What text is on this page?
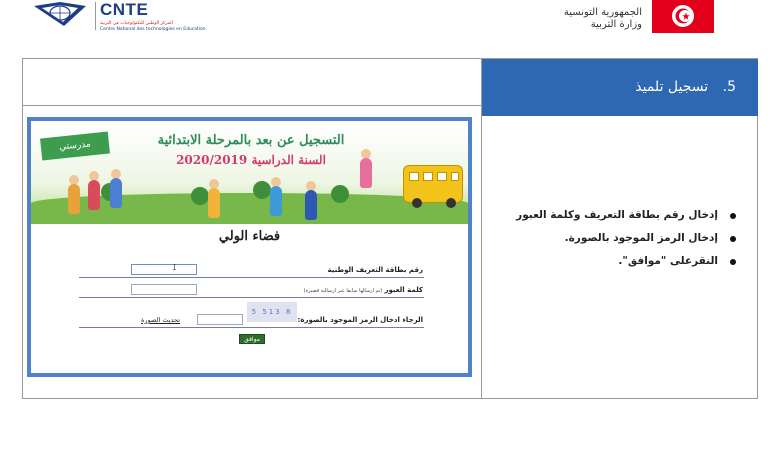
CNTE
المركز الوطني للتكنولوجيات في التربية
Centre National des technologies en Education
الجمهورية التونسية
وزارة التربية
5. تسجيل تلميذ
إدخال رقم بطاقة التعريف وكلمة العبور
إدخال الرمز الموجود بالصورة.
النقرعلى "موافق".
مدرستي	التسجيل عن بعد بالمرحلة الابتدائية
السنة الدراسية 2020/2019
فضاء الولي
رقم بطاقة التعريف الوطنية
I
كلمة العبور (تم ارسالها سابقا عبر ارسالية قصيرة)
5 513 8
الرجاء ادخال الرمز الموجود بالصورة:
تحديث الصورة
موافق
